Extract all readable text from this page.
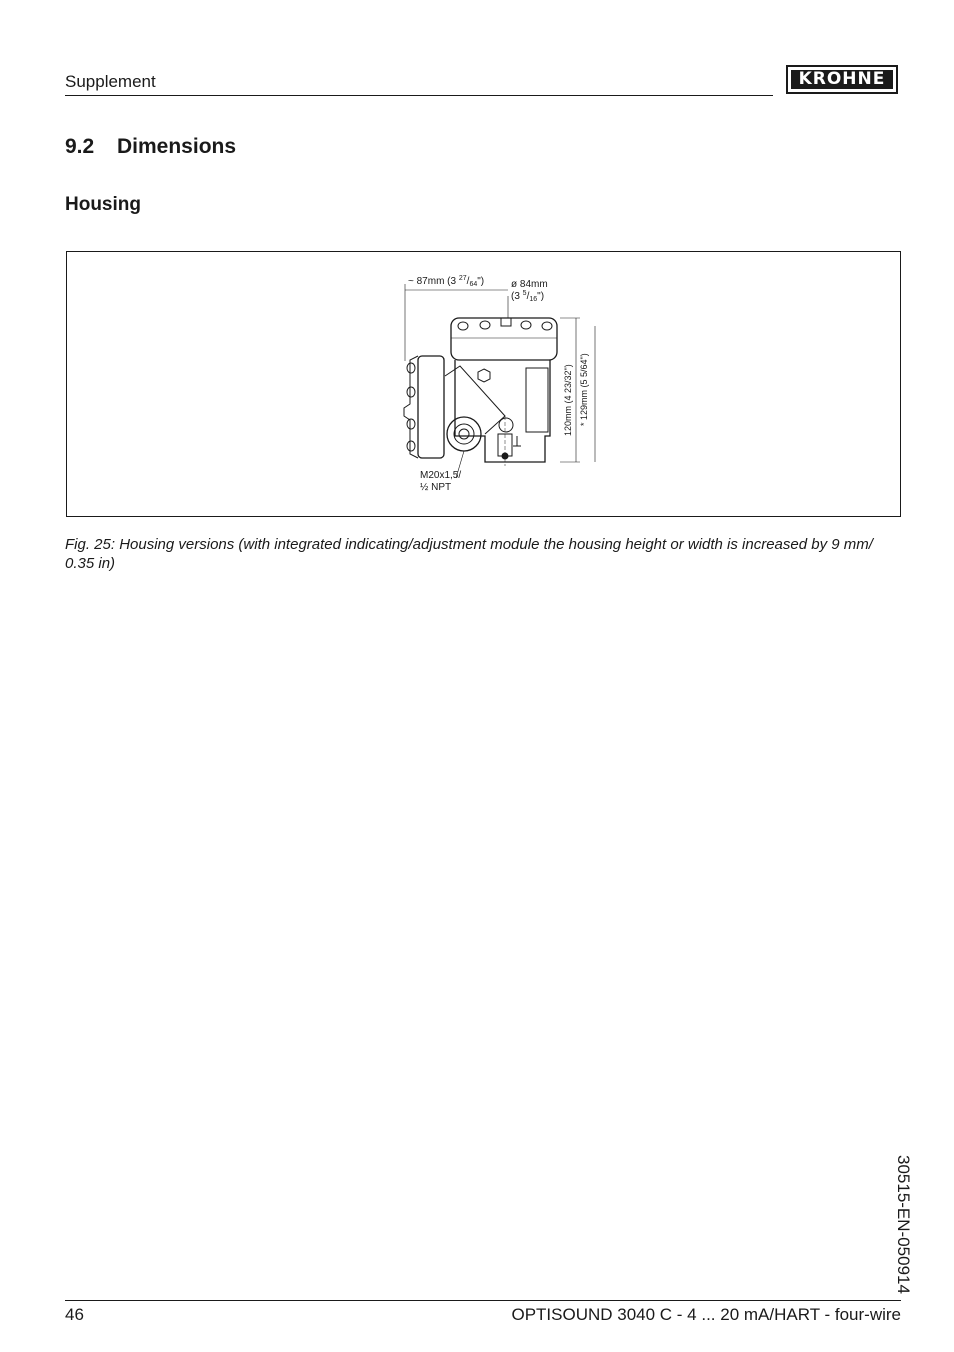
Supplement	KROHNE
9.2 Dimensions
Housing
~ 87mm (3 $^{27}/_{64}$")	ø 84mm
(3 $^5/_{16}$")
120mm (4 23/32") * 129mm (5 5/64")
M20x1,5/
½ NPT
Fig. 25: Housing versions (with integrated indicating/adjustment module the housing height or width is increased by 9 mm/ 0.35 in)
30515-EN-050914
46	OPTISOUND 3040 C - 4 ... 20 mA/HART - four-wire
